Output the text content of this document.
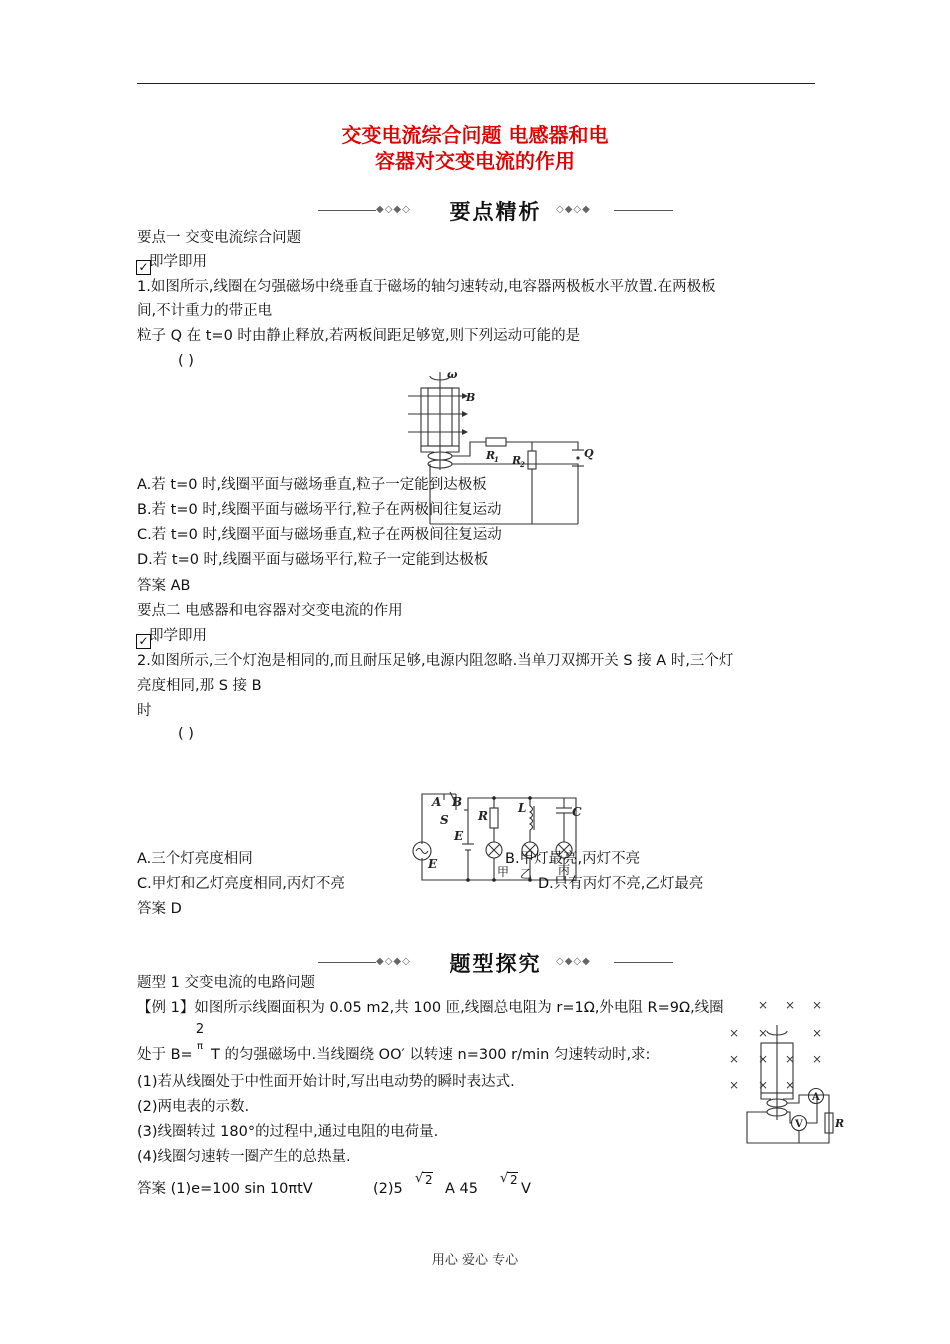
交变电流综合问题 电感器和电
容器对交变电流的作用
◆◇◆◇	要点精析	◇◆◇◆
要点一 交变电流综合问题
✓ 即学即用
1.如图所示,线圈在匀强磁场中绕垂直于磁场的轴匀速转动,电容器两极板水平放置.在两极板
间,不计重力的带正电
粒子 Q 在 t=0 时由静止释放,若两板间距足够宽,则下列运动可能的是
( )
ω
B
R
1 R
2
Q
A.若 t=0 时,线圈平面与磁场垂直,粒子一定能到达极板
B.若 t=0 时,线圈平面与磁场平行,粒子在两极间往复运动
C.若 t=0 时,线圈平面与磁场垂直,粒子在两极间往复运动
D.若 t=0 时,线圈平面与磁场平行,粒子一定能到达极板
答案 AB
要点二 电感器和电容器对交变电流的作用
✓ 即学即用
2.如图所示,三个灯泡是相同的,而且耐压足够,电源内阻忽略.当单刀双掷开关 S 接 A 时,三个灯
亮度相同,那 S 接 B
时
( )
A B
S
E
E
R
L	C
甲 乙 丙
A.三个灯亮度相同	B.甲灯最亮,丙灯不亮
C.甲灯和乙灯亮度相同,丙灯不亮	D.只有丙灯不亮,乙灯最亮
答案 D
◆◇◆◇	题型探究	◇◆◇◆
题型 1 交变电流的电路问题
【例 1】如图所示线圈面积为 0.05 m2,共 100 匝,线圈总电阻为 r=1Ω,外电阻 R=9Ω,线圈
处于 B=
2
π
T 的匀强磁场中.当线圈绕 OO′ 以转速 n=300 r/min 匀速转动时,求:
(1)若从线圈处于中性面开始计时,写出电动势的瞬时表达式.
(2)两电表的示数.
(3)线圈转过 180°的过程中,通过电阻的电荷量.
(4)线圈匀速转一圈产生的总热量.
答案 (1)e=100 sin 10πtV	(2)5
2
√
A 45
√ 2
V
× × ×
× ×	×
× × × ×
× × ×
A
V	R
用心 爱心 专心
